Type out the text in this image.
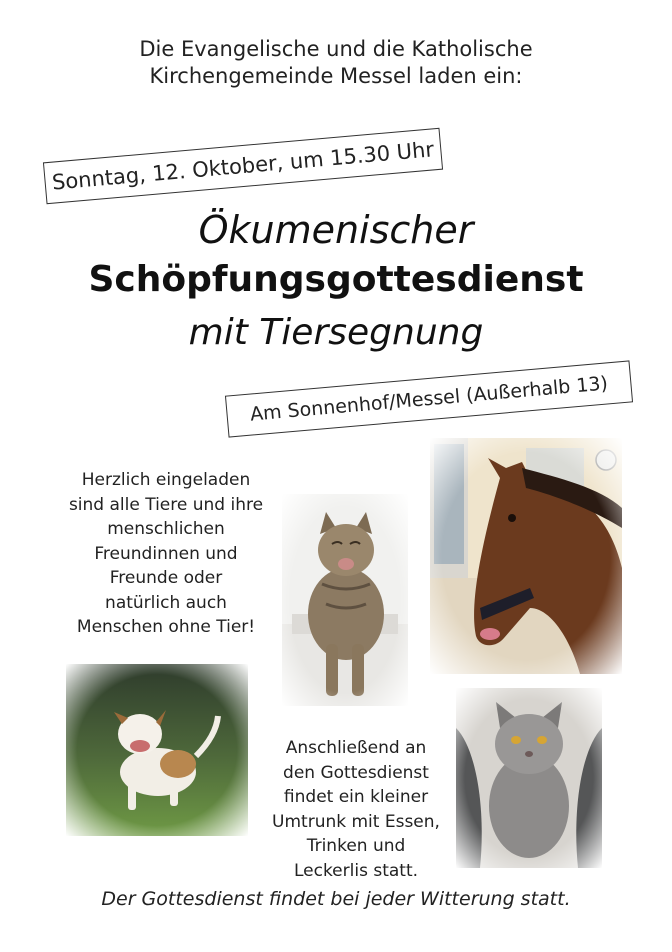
Die Evangelische und die Katholische
Kirchengemeinde Messel laden ein:
Sonntag, 12. Oktober, um 15.30 Uhr
Ökumenischer
Schöpfungsgottesdienst
mit Tiersegnung
Am Sonnenhof/Messel (Außerhalb 13)
Herzlich eingeladen
sind alle Tiere und ihre
menschlichen
Freundinnen und
Freunde oder
natürlich auch
Menschen ohne Tier!
Anschließend an
den Gottesdienst
findet ein kleiner
Umtrunk mit Essen,
Trinken und
Leckerlis statt.
Der Gottesdienst findet bei jeder Witterung statt.
